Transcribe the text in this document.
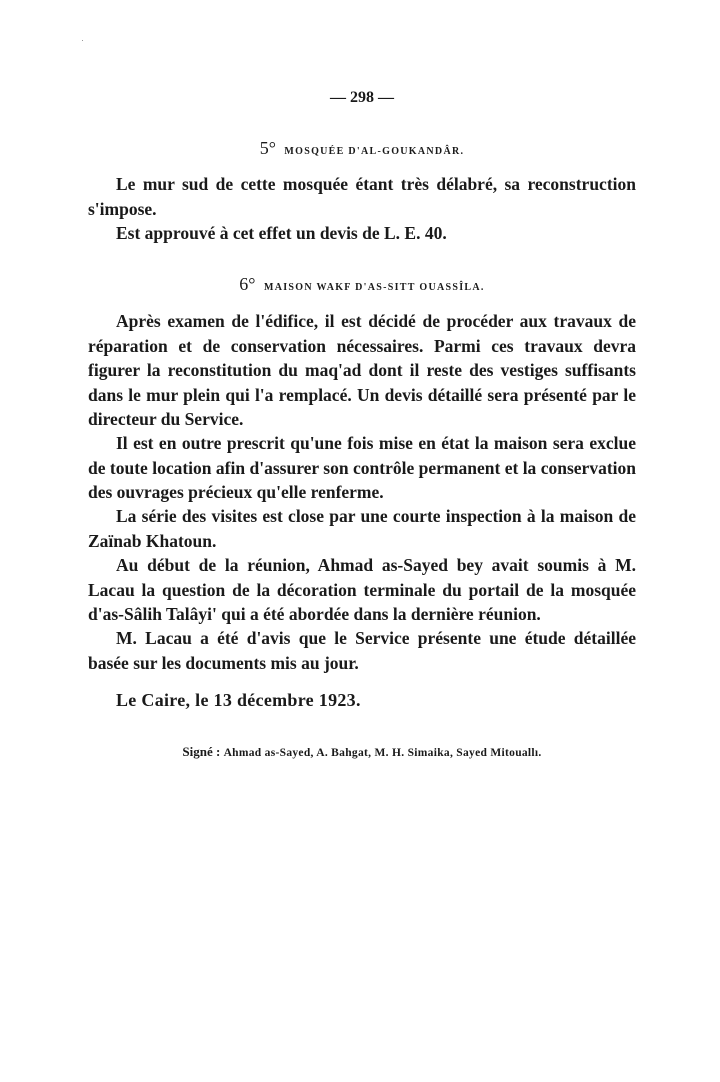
— 298 —
5° MOSQUÉE D'AL-GOUKANDÂR.

Le mur sud de cette mosquée étant très délabré, sa reconstruction s'impose.

Est approuvé à cet effet un devis de L. E. 40.

6° MAISON WAKF D'AS-SITT OUASSÎLA.

Après examen de l'édifice, il est décidé de procéder aux travaux de réparation et de conservation nécessaires. Parmi ces travaux devra figurer la reconstitution du maq'ad dont il reste des vestiges suffisants dans le mur plein qui l'a remplacé. Un devis détaillé sera présenté par le directeur du Service.

Il est en outre prescrit qu'une fois mise en état la maison sera exclue de toute location afin d'assurer son contrôle permanent et la conservation des ouvrages précieux qu'elle renferme.

La série des visites est close par une courte inspection à la maison de Zaïnab Khatoun.

Au début de la réunion, Ahmad as-Sayed bey avait soumis à M. Lacau la question de la décoration terminale du portail de la mosquée d'as-Sâlih Talâyi' qui a été abordée dans la dernière réunion.

M. Lacau a été d'avis que le Service présente une étude détaillée basée sur les documents mis au jour.

Le Caire, le 13 décembre 1923.
Signé : Ahmad as-Sayed, A. Bahgat, M. H. Simaika, Sayed Mitouallı.
